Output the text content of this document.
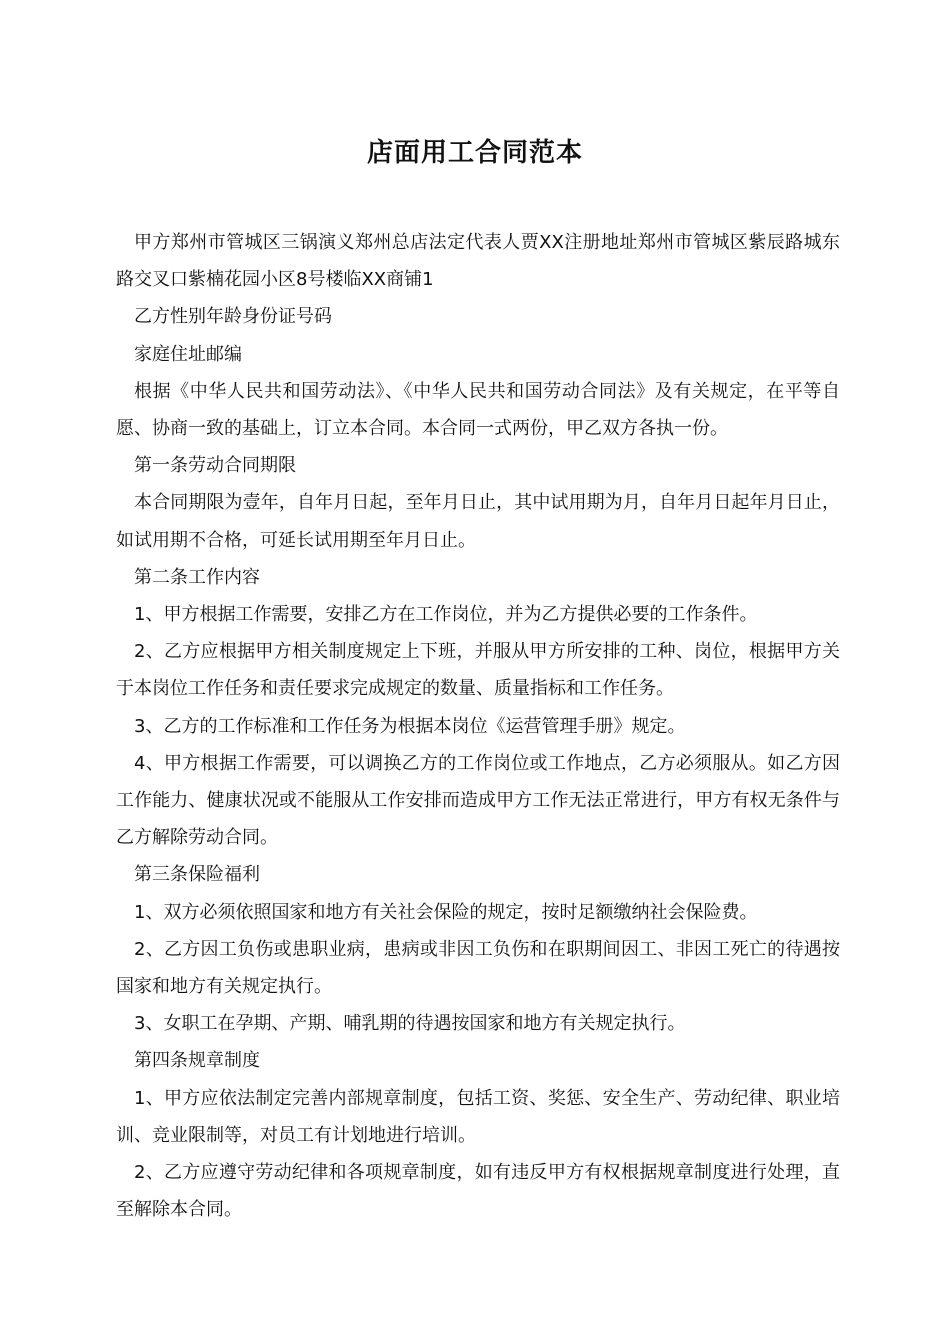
店面用工合同范本

甲方郑州市管城区三锅演义郑州总店法定代表人贾XX注册地址郑州市管城区紫辰路城东路交叉口紫楠花园小区8号楼临XX商铺1

乙方性别年龄身份证号码

家庭住址邮编

根据《中华人民共和国劳动法》、《中华人民共和国劳动合同法》及有关规定，在平等自愿、协商一致的基础上，订立本合同。本合同一式两份，甲乙双方各执一份。

第一条劳动合同期限

本合同期限为壹年，自年月日起，至年月日止，其中试用期为月，自年月日起年月日止，如试用期不合格，可延长试用期至年月日止。

第二条工作内容

1、甲方根据工作需要，安排乙方在工作岗位，并为乙方提供必要的工作条件。

2、乙方应根据甲方相关制度规定上下班，并服从甲方所安排的工种、岗位，根据甲方关于本岗位工作任务和责任要求完成规定的数量、质量指标和工作任务。

3、乙方的工作标准和工作任务为根据本岗位《运营管理手册》规定。

4、甲方根据工作需要，可以调换乙方的工作岗位或工作地点，乙方必须服从。如乙方因工作能力、健康状况或不能服从工作安排而造成甲方工作无法正常进行，甲方有权无条件与乙方解除劳动合同。

第三条保险福利

1、双方必须依照国家和地方有关社会保险的规定，按时足额缴纳社会保险费。

2、乙方因工负伤或患职业病，患病或非因工负伤和在职期间因工、非因工死亡的待遇按国家和地方有关规定执行。

3、女职工在孕期、产期、哺乳期的待遇按国家和地方有关规定执行。

第四条规章制度

1、甲方应依法制定完善内部规章制度，包括工资、奖惩、安全生产、劳动纪律、职业培训、竞业限制等，对员工有计划地进行培训。

2、乙方应遵守劳动纪律和各项规章制度，如有违反甲方有权根据规章制度进行处理，直至解除本合同。
